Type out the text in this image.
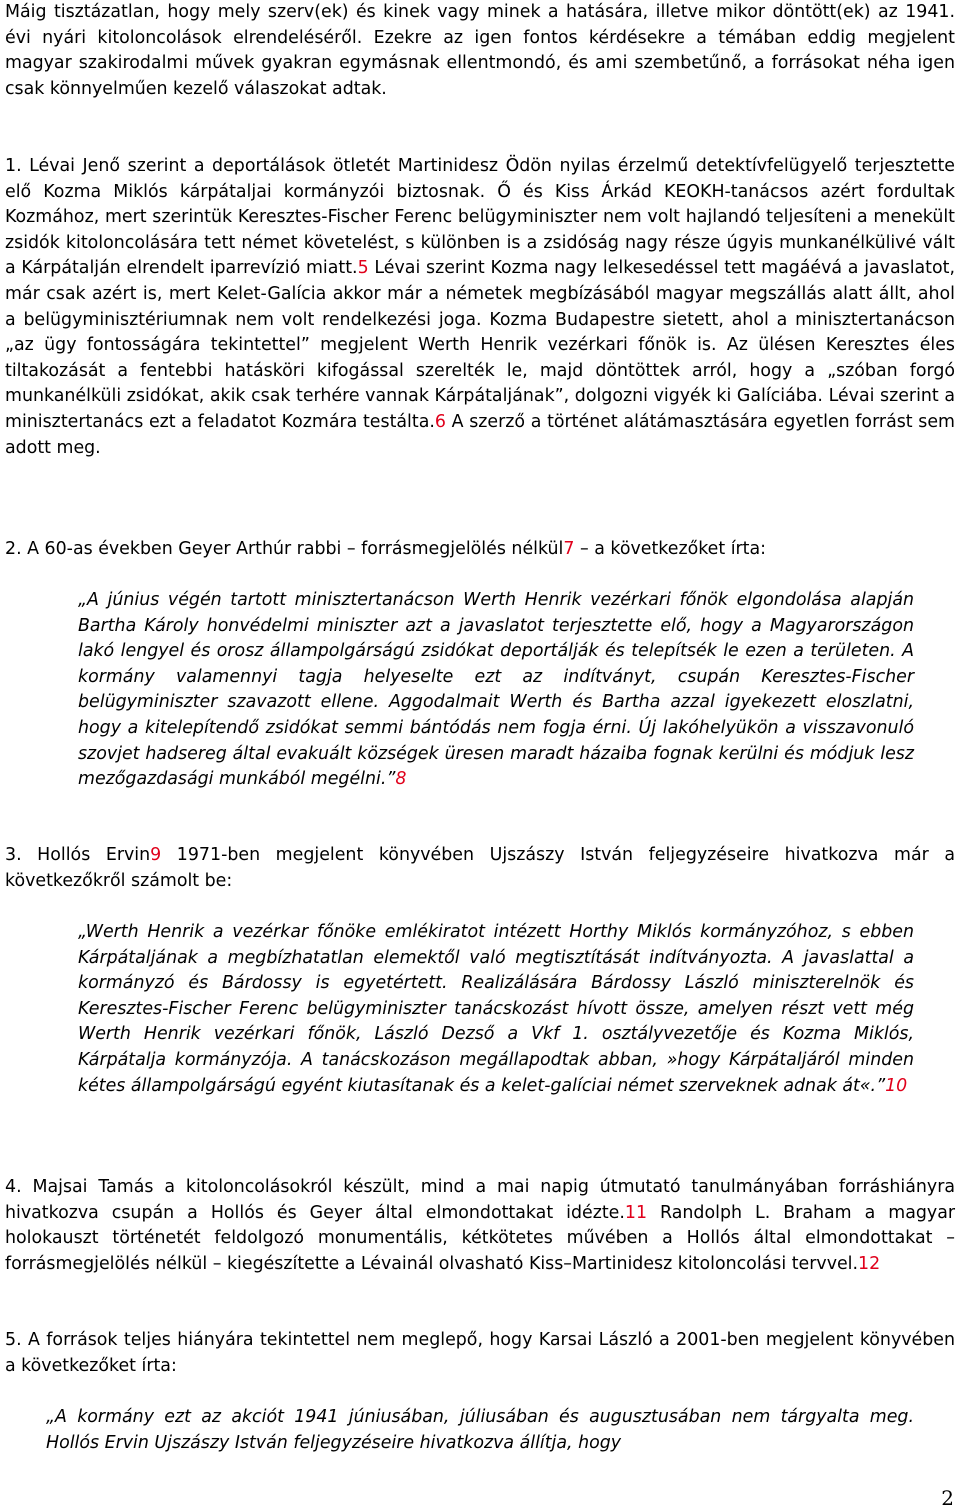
Máig tisztázatlan, hogy mely szerv(ek) és kinek vagy minek a hatására, illetve mikor döntött(ek) az 1941. évi nyári kitoloncolások elrendeléséről. Ezekre az igen fontos kérdésekre a témában eddig megjelent magyar szakirodalmi művek gyakran egymásnak ellentmondó, és ami szembetűnő, a forrásokat néha igen csak könnyelműen kezelő válaszokat adtak.

1. Lévai Jenő szerint a deportálások ötletét Martinidesz Ödön nyilas érzelmű detektívfelügyelő terjesztette elő Kozma Miklós kárpátaljai kormányzói biztosnak. Ő és Kiss Árkád KEOKH-tanácsos azért fordultak Kozmához, mert szerintük Keresztes-Fischer Ferenc belügyminiszter nem volt hajlandó teljesíteni a menekült zsidók kitoloncolására tett német követelést, s különben is a zsidóság nagy része úgyis munkanélkülivé vált a Kárpátalján elrendelt iparrevízió miatt.5 Lévai szerint Kozma nagy lelkesedéssel tett magáévá a javaslatot, már csak azért is, mert Kelet-Galícia akkor már a németek megbízásából magyar megszállás alatt állt, ahol a belügyminisztériumnak nem volt rendelkezési joga. Kozma Budapestre sietett, ahol a minisztertanácson „az ügy fontosságára tekintettel” megjelent Werth Henrik vezérkari főnök is. Az ülésen Keresztes éles tiltakozását a fentebbi hatásköri kifogással szerelték le, majd döntöttek arról, hogy a „szóban forgó munkanélküli zsidókat, akik csak terhére vannak Kárpátaljának”, dolgozni vigyék ki Galíciába. Lévai szerint a minisztertanács ezt a feladatot Kozmára testálta.6 A szerző a történet alátámasztására egyetlen forrást sem adott meg.

2. A 60-as években Geyer Arthúr rabbi – forrásmegjelölés nélkül7 – a következőket írta:

„A június végén tartott minisztertanácson Werth Henrik vezérkari főnök elgondolása alapján Bartha Károly honvédelmi miniszter azt a javaslatot terjesztette elő, hogy a Magyarországon lakó lengyel és orosz állampolgárságú zsidókat deportálják és telepítsék le ezen a területen. A kormány valamennyi tagja helyeselte ezt az indítványt, csupán Keresztes-Fischer belügyminiszter szavazott ellene. Aggodalmait Werth és Bartha azzal igyekezett eloszlatni, hogy a kitelepítendő zsidókat semmi bántódás nem fogja érni. Új lakóhelyükön a visszavonuló szovjet hadsereg által evakuált községek üresen maradt házaiba fognak kerülni és módjuk lesz mezőgazdasági munkából megélni.”8

3. Hollós Ervin9 1971-ben megjelent könyvében Ujszászy István feljegyzéseire hivatkozva már a következőkről számolt be:

„Werth Henrik a vezérkar főnöke emlékiratot intézett Horthy Miklós kormányzóhoz, s ebben Kárpátaljának a megbízhatatlan elemektől való megtisztítását indítványozta. A javaslattal a kormányzó és Bárdossy is egyetértett. Realizálására Bárdossy László miniszterelnök és Keresztes-Fischer Ferenc belügyminiszter tanácskozást hívott össze, amelyen részt vett még Werth Henrik vezérkari főnök, László Dezső a Vkf 1. osztályvezetője és Kozma Miklós, Kárpátalja kormányzója. A tanácskozáson megállapodtak abban, »hogy Kárpátaljáról minden kétes állampolgárságú egyént kiutasítanak és a kelet-galíciai német szerveknek adnak át«.”10

4. Majsai Tamás a kitoloncolásokról készült, mind a mai napig útmutató tanulmányában forráshiányra hivatkozva csupán a Hollós és Geyer által elmondottakat idézte.11 Randolph L. Braham a magyar holokauszt történetét feldolgozó monumentális, kétkötetes művében a Hollós által elmondottakat – forrásmegjelölés nélkül – kiegészítette a Lévainál olvasható Kiss–Martinidesz kitoloncolási tervvel.12

5. A források teljes hiányára tekintettel nem meglepő, hogy Karsai László a 2001-ben megjelent könyvében a következőket írta:

„A kormány ezt az akciót 1941 júniusában, júliusában és augusztusában nem tárgyalta meg. Hollós Ervin Ujszászy István feljegyzéseire hivatkozva állítja, hogy

2
